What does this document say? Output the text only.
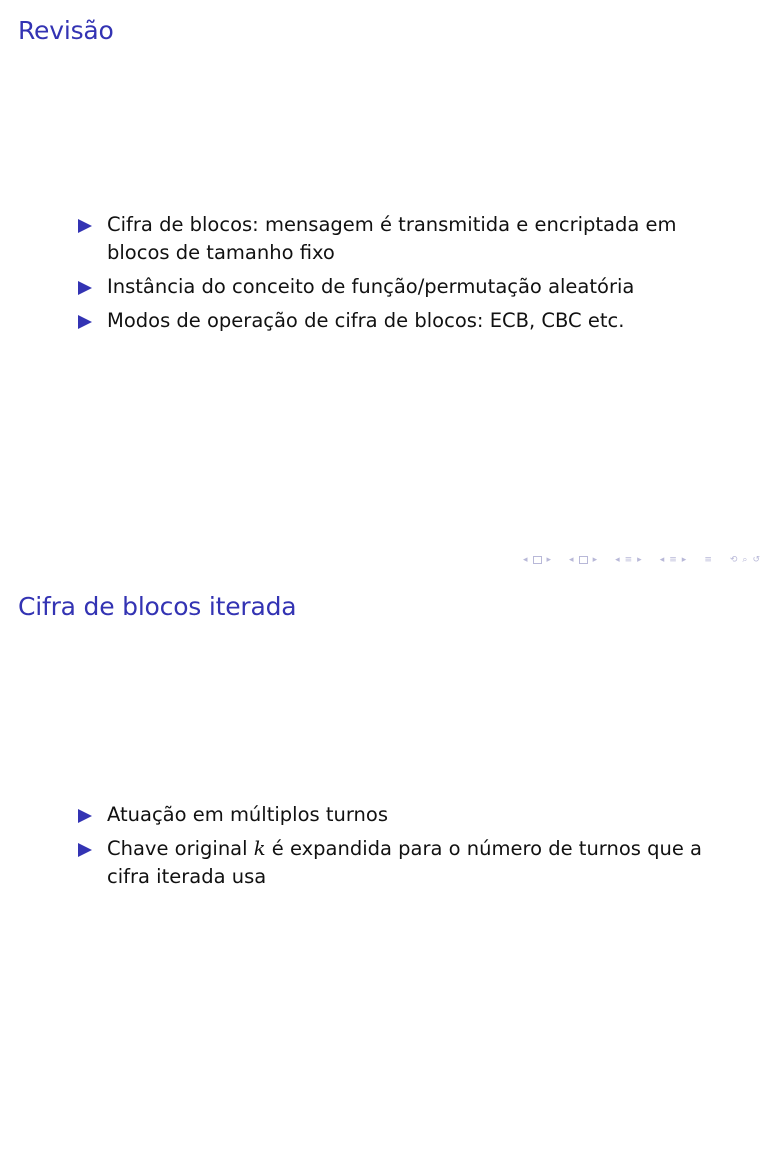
Revisão
Cifra de blocos: mensagem é transmitida e encriptada em blocos de tamanho fixo
Instância do conceito de função/permutação aleatória
Modos de operação de cifra de blocos: ECB, CBC etc.
◂ ▸ ◂ ▸ ◂ ≡ ▸ ◂ ≡ ▸ ≡ ⟲ ⌕ ↺
Cifra de blocos iterada
Atuação em múltiplos turnos
Chave original k é expandida para o número de turnos que a cifra iterada usa
